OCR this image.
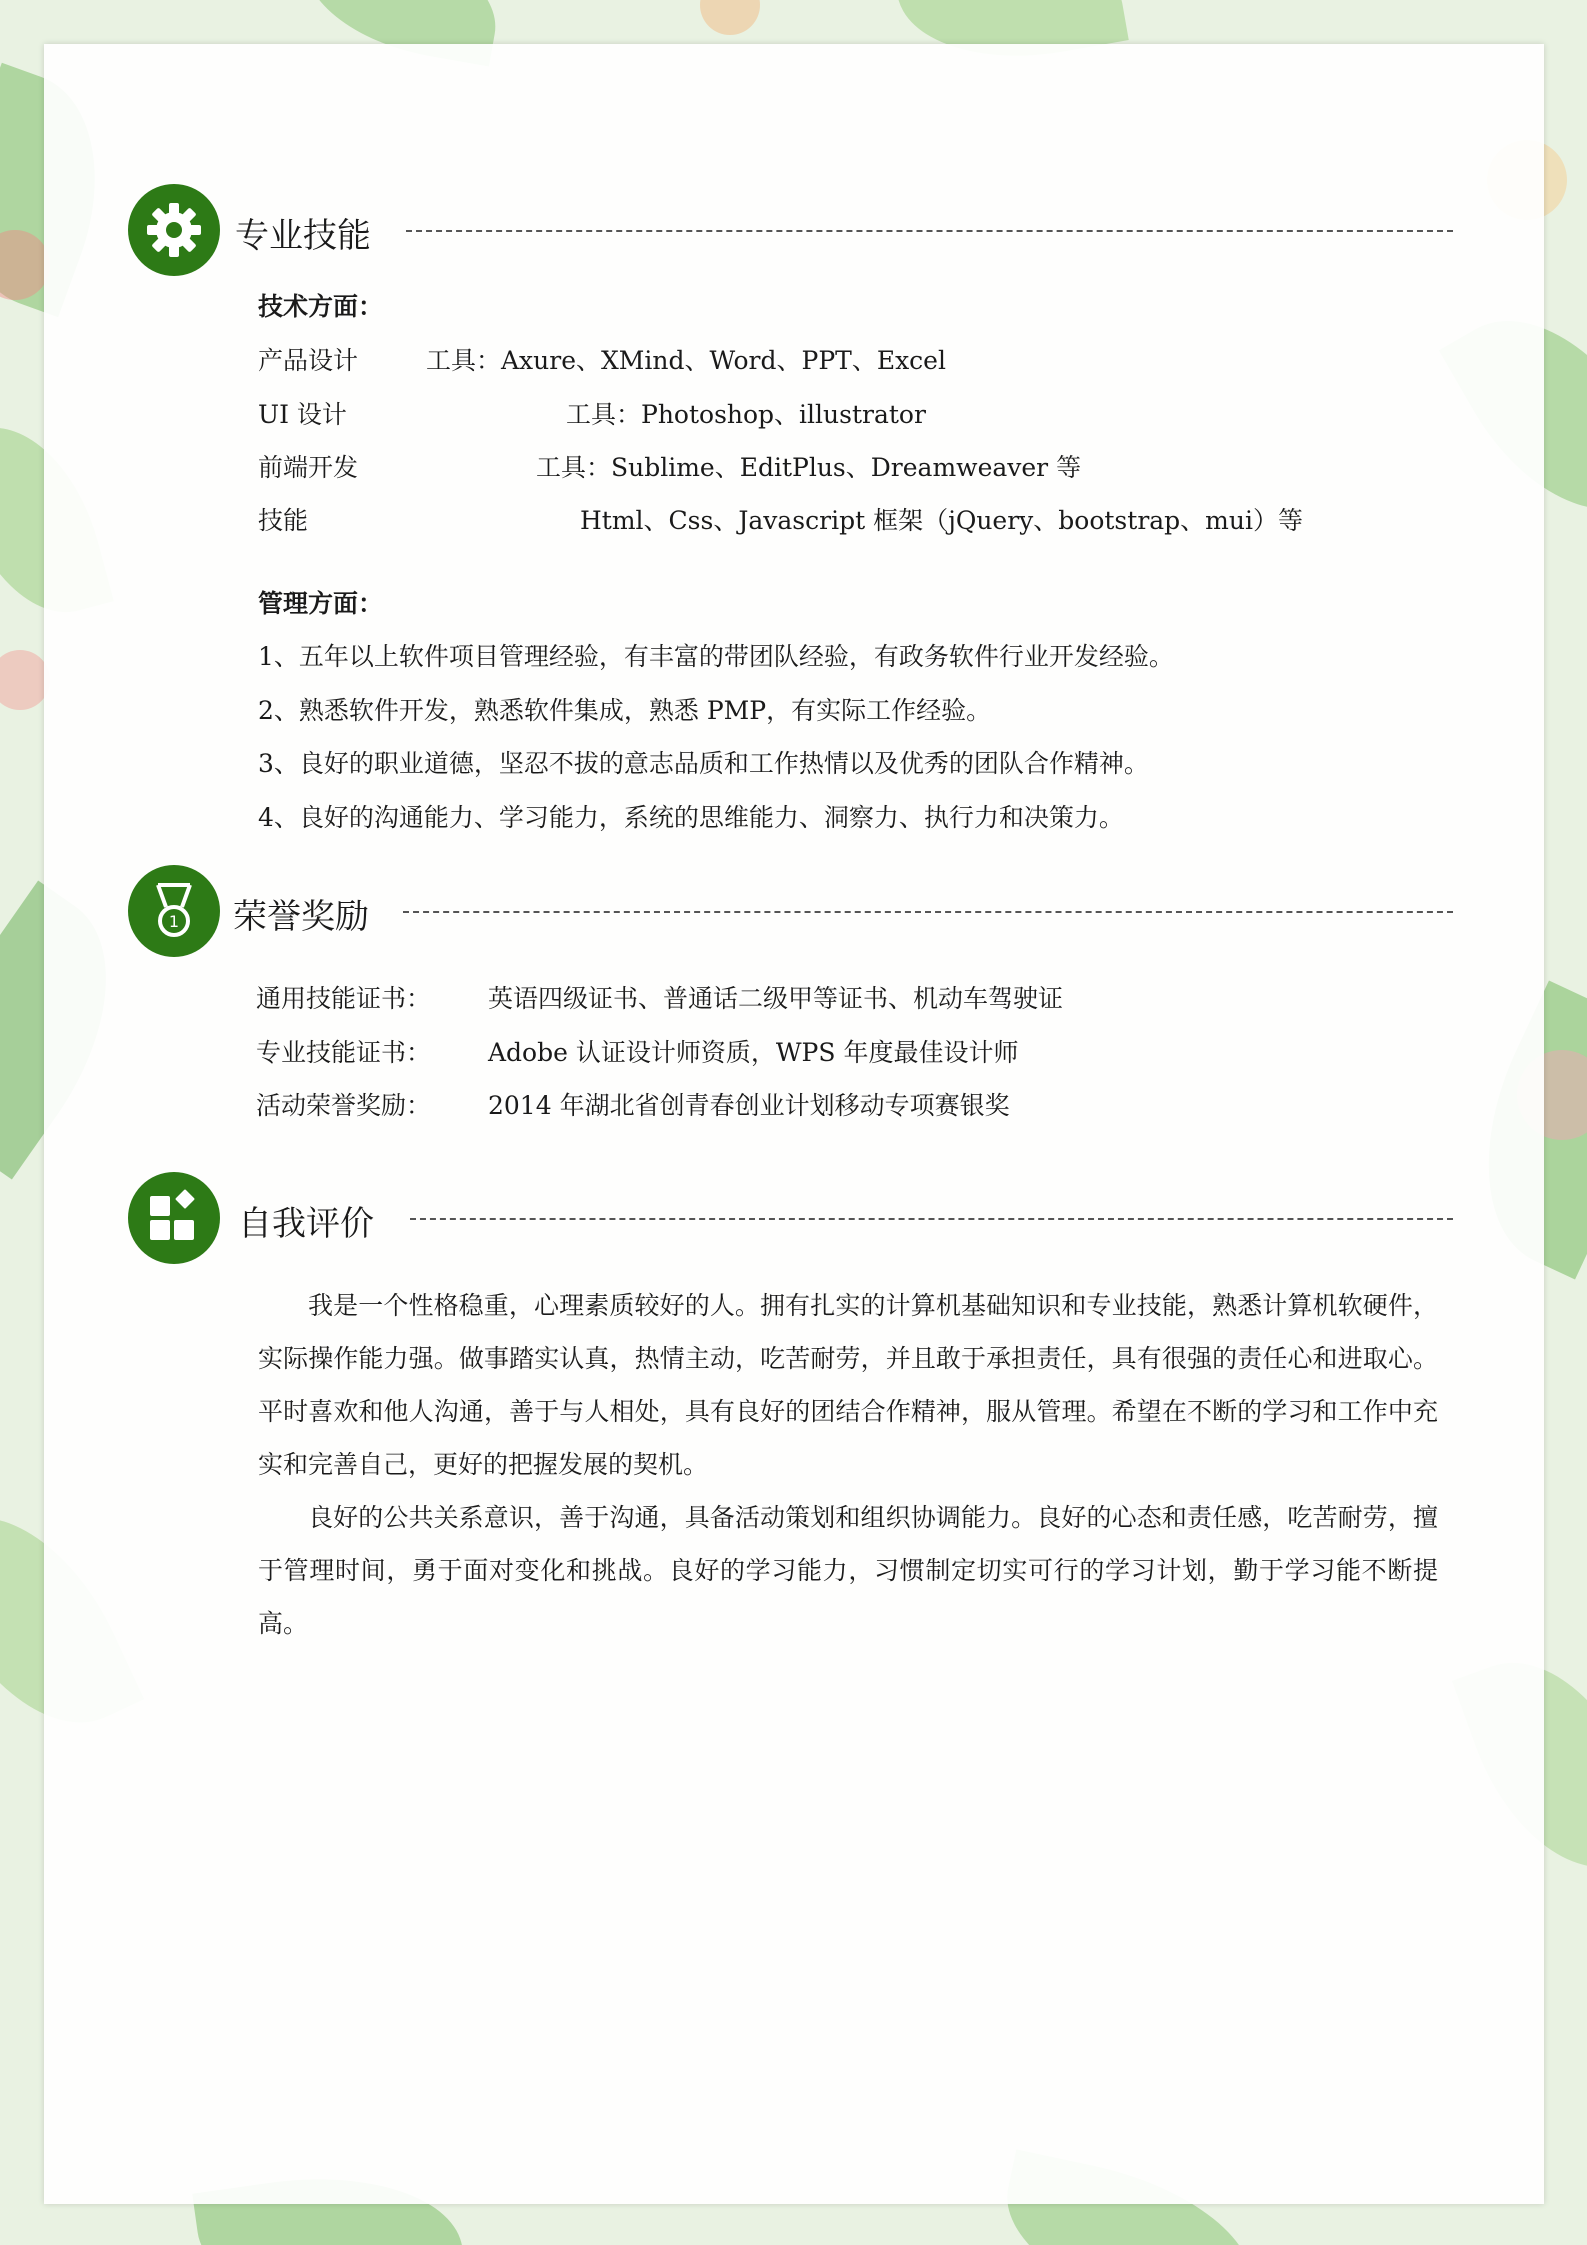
专业技能
技术方面：
产品设计	工具：Axure、XMind、Word、PPT、Excel
UI 设计	工具：Photoshop、illustrator
前端开发	工具：Sublime、EditPlus、Dreamweaver 等
技能	Html、Css、Javascript 框架（jQuery、bootstrap、mui）等
管理方面：
1、五年以上软件项目管理经验，有丰富的带团队经验，有政务软件行业开发经验。
2、熟悉软件开发，熟悉软件集成，熟悉 PMP，有实际工作经验。
3、良好的职业道德，坚忍不拔的意志品质和工作热情以及优秀的团队合作精神。
4、良好的沟通能力、学习能力，系统的思维能力、洞察力、执行力和决策力。
1 荣誉奖励
通用技能证书： 英语四级证书、普通话二级甲等证书、机动车驾驶证
专业技能证书： Adobe 认证设计师资质，WPS 年度最佳设计师
活动荣誉奖励： 2014 年湖北省创青春创业计划移动专项赛银奖
自我评价

我是一个性格稳重，心理素质较好的人。拥有扎实的计算机基础知识和专业技能，熟悉计算机软硬件，实际操作能力强。做事踏实认真，热情主动，吃苦耐劳，并且敢于承担责任，具有很强的责任心和进取心。平时喜欢和他人沟通，善于与人相处，具有良好的团结合作精神，服从管理。希望在不断的学习和工作中充实和完善自己，更好的把握发展的契机。

良好的公共关系意识，善于沟通，具备活动策划和组织协调能力。良好的心态和责任感，吃苦耐劳，擅于管理时间，勇于面对变化和挑战。良好的学习能力，习惯制定切实可行的学习计划，勤于学习能不断提高。
